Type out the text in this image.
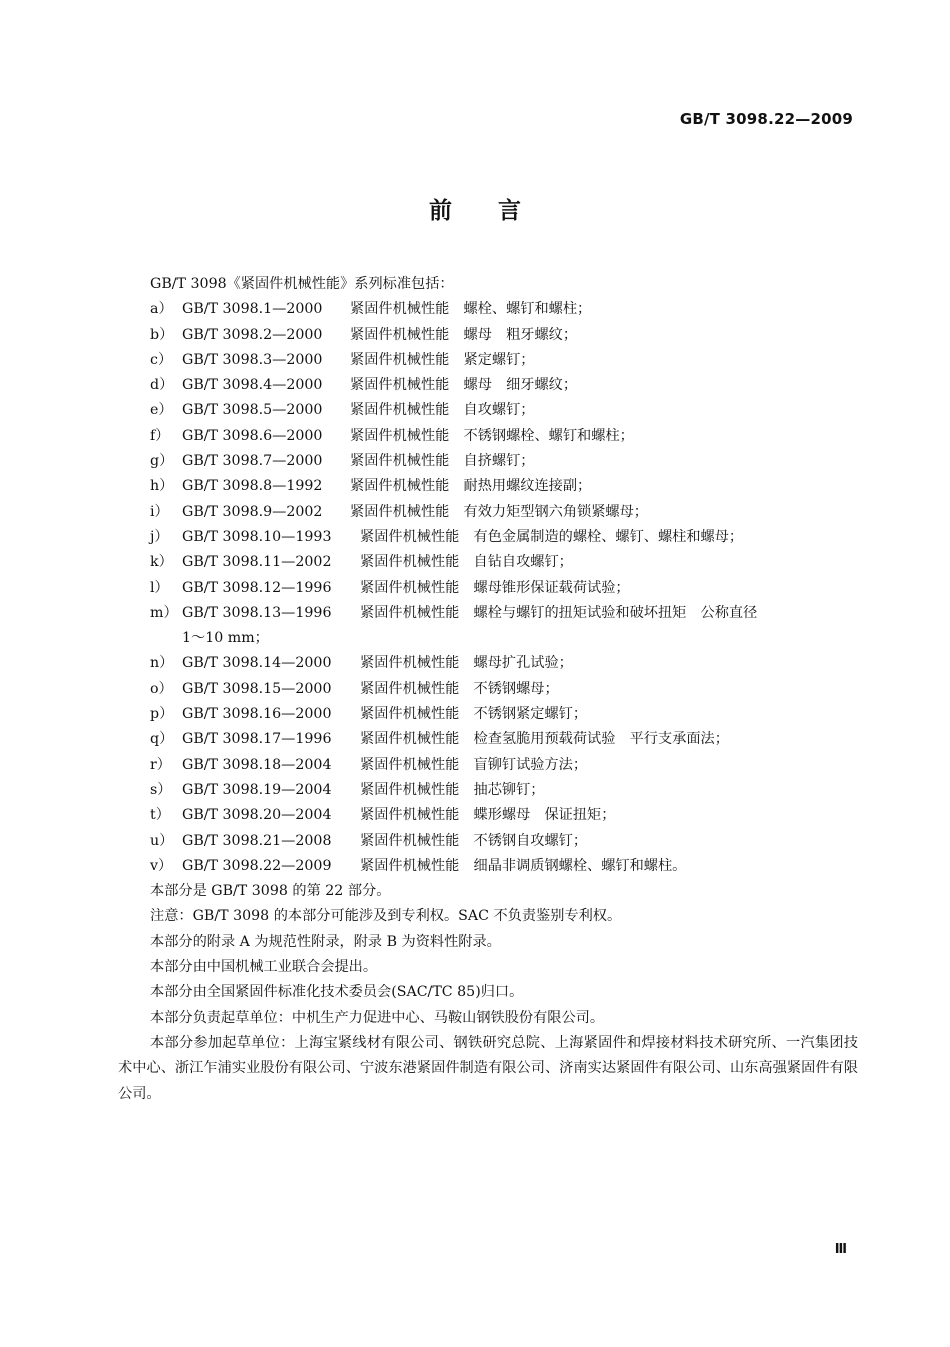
GB/T 3098.22—2009
前言
GB/T 3098《紧固件机械性能》系列标准包括：
a） GB/T 3098.1—2000	紧固件机械性能　 螺栓、螺钉和螺柱；
b） GB/T 3098.2—2000	紧固件机械性能　 螺母　粗牙螺纹；
c） GB/T 3098.3—2000	紧固件机械性能　 紧定螺钉；
d） GB/T 3098.4—2000	紧固件机械性能　 螺母　细牙螺纹；
e） GB/T 3098.5—2000	紧固件机械性能　 自攻螺钉；
f） GB/T 3098.6—2000	紧固件机械性能　 不锈钢螺栓、螺钉和螺柱；
g） GB/T 3098.7—2000	紧固件机械性能　 自挤螺钉；
h） GB/T 3098.8—1992	紧固件机械性能　 耐热用螺纹连接副；
i） GB/T 3098.9—2002	紧固件机械性能　 有效力矩型钢六角锁紧螺母；
j） GB/T 3098.10—1993	紧固件机械性能　 有色金属制造的螺栓、螺钉、螺柱和螺母；
k） GB/T 3098.11—2002	紧固件机械性能　 自钻自攻螺钉；
l） GB/T 3098.12—1996	紧固件机械性能　 螺母锥形保证载荷试验；
m） GB/T 3098.13—1996	紧固件机械性能　 螺栓与螺钉的扭矩试验和破坏扭矩　公称直径
1～10 mm；
n） GB/T 3098.14—2000	紧固件机械性能　 螺母扩孔试验；
o） GB/T 3098.15—2000	紧固件机械性能　 不锈钢螺母；
p） GB/T 3098.16—2000	紧固件机械性能　 不锈钢紧定螺钉；
q） GB/T 3098.17—1996	紧固件机械性能　 检查氢脆用预载荷试验　平行支承面法；
r） GB/T 3098.18—2004	紧固件机械性能　 盲铆钉试验方法；
s） GB/T 3098.19—2004	紧固件机械性能　 抽芯铆钉；
t） GB/T 3098.20—2004	紧固件机械性能　 蝶形螺母　保证扭矩；
u） GB/T 3098.21—2008	紧固件机械性能　 不锈钢自攻螺钉；
v） GB/T 3098.22—2009	紧固件机械性能　 细晶非调质钢螺栓、螺钉和螺柱。
本部分是 GB/T 3098 的第 22 部分。
注意：GB/T 3098 的本部分可能涉及到专利权。SAC 不负责鉴别专利权。
本部分的附录 A 为规范性附录，附录 B 为资料性附录。
本部分由中国机械工业联合会提出。
本部分由全国紧固件标准化技术委员会(SAC/TC 85)归口。
本部分负责起草单位：中机生产力促进中心、马鞍山钢铁股份有限公司。
本部分参加起草单位：上海宝紧线材有限公司、钢铁研究总院、上海紧固件和焊接材料技术研究所、一汽集团技术中心、浙江乍浦实业股份有限公司、宁波东港紧固件制造有限公司、济南实达紧固件有限公司、山东高强紧固件有限公司。
Ⅲ
